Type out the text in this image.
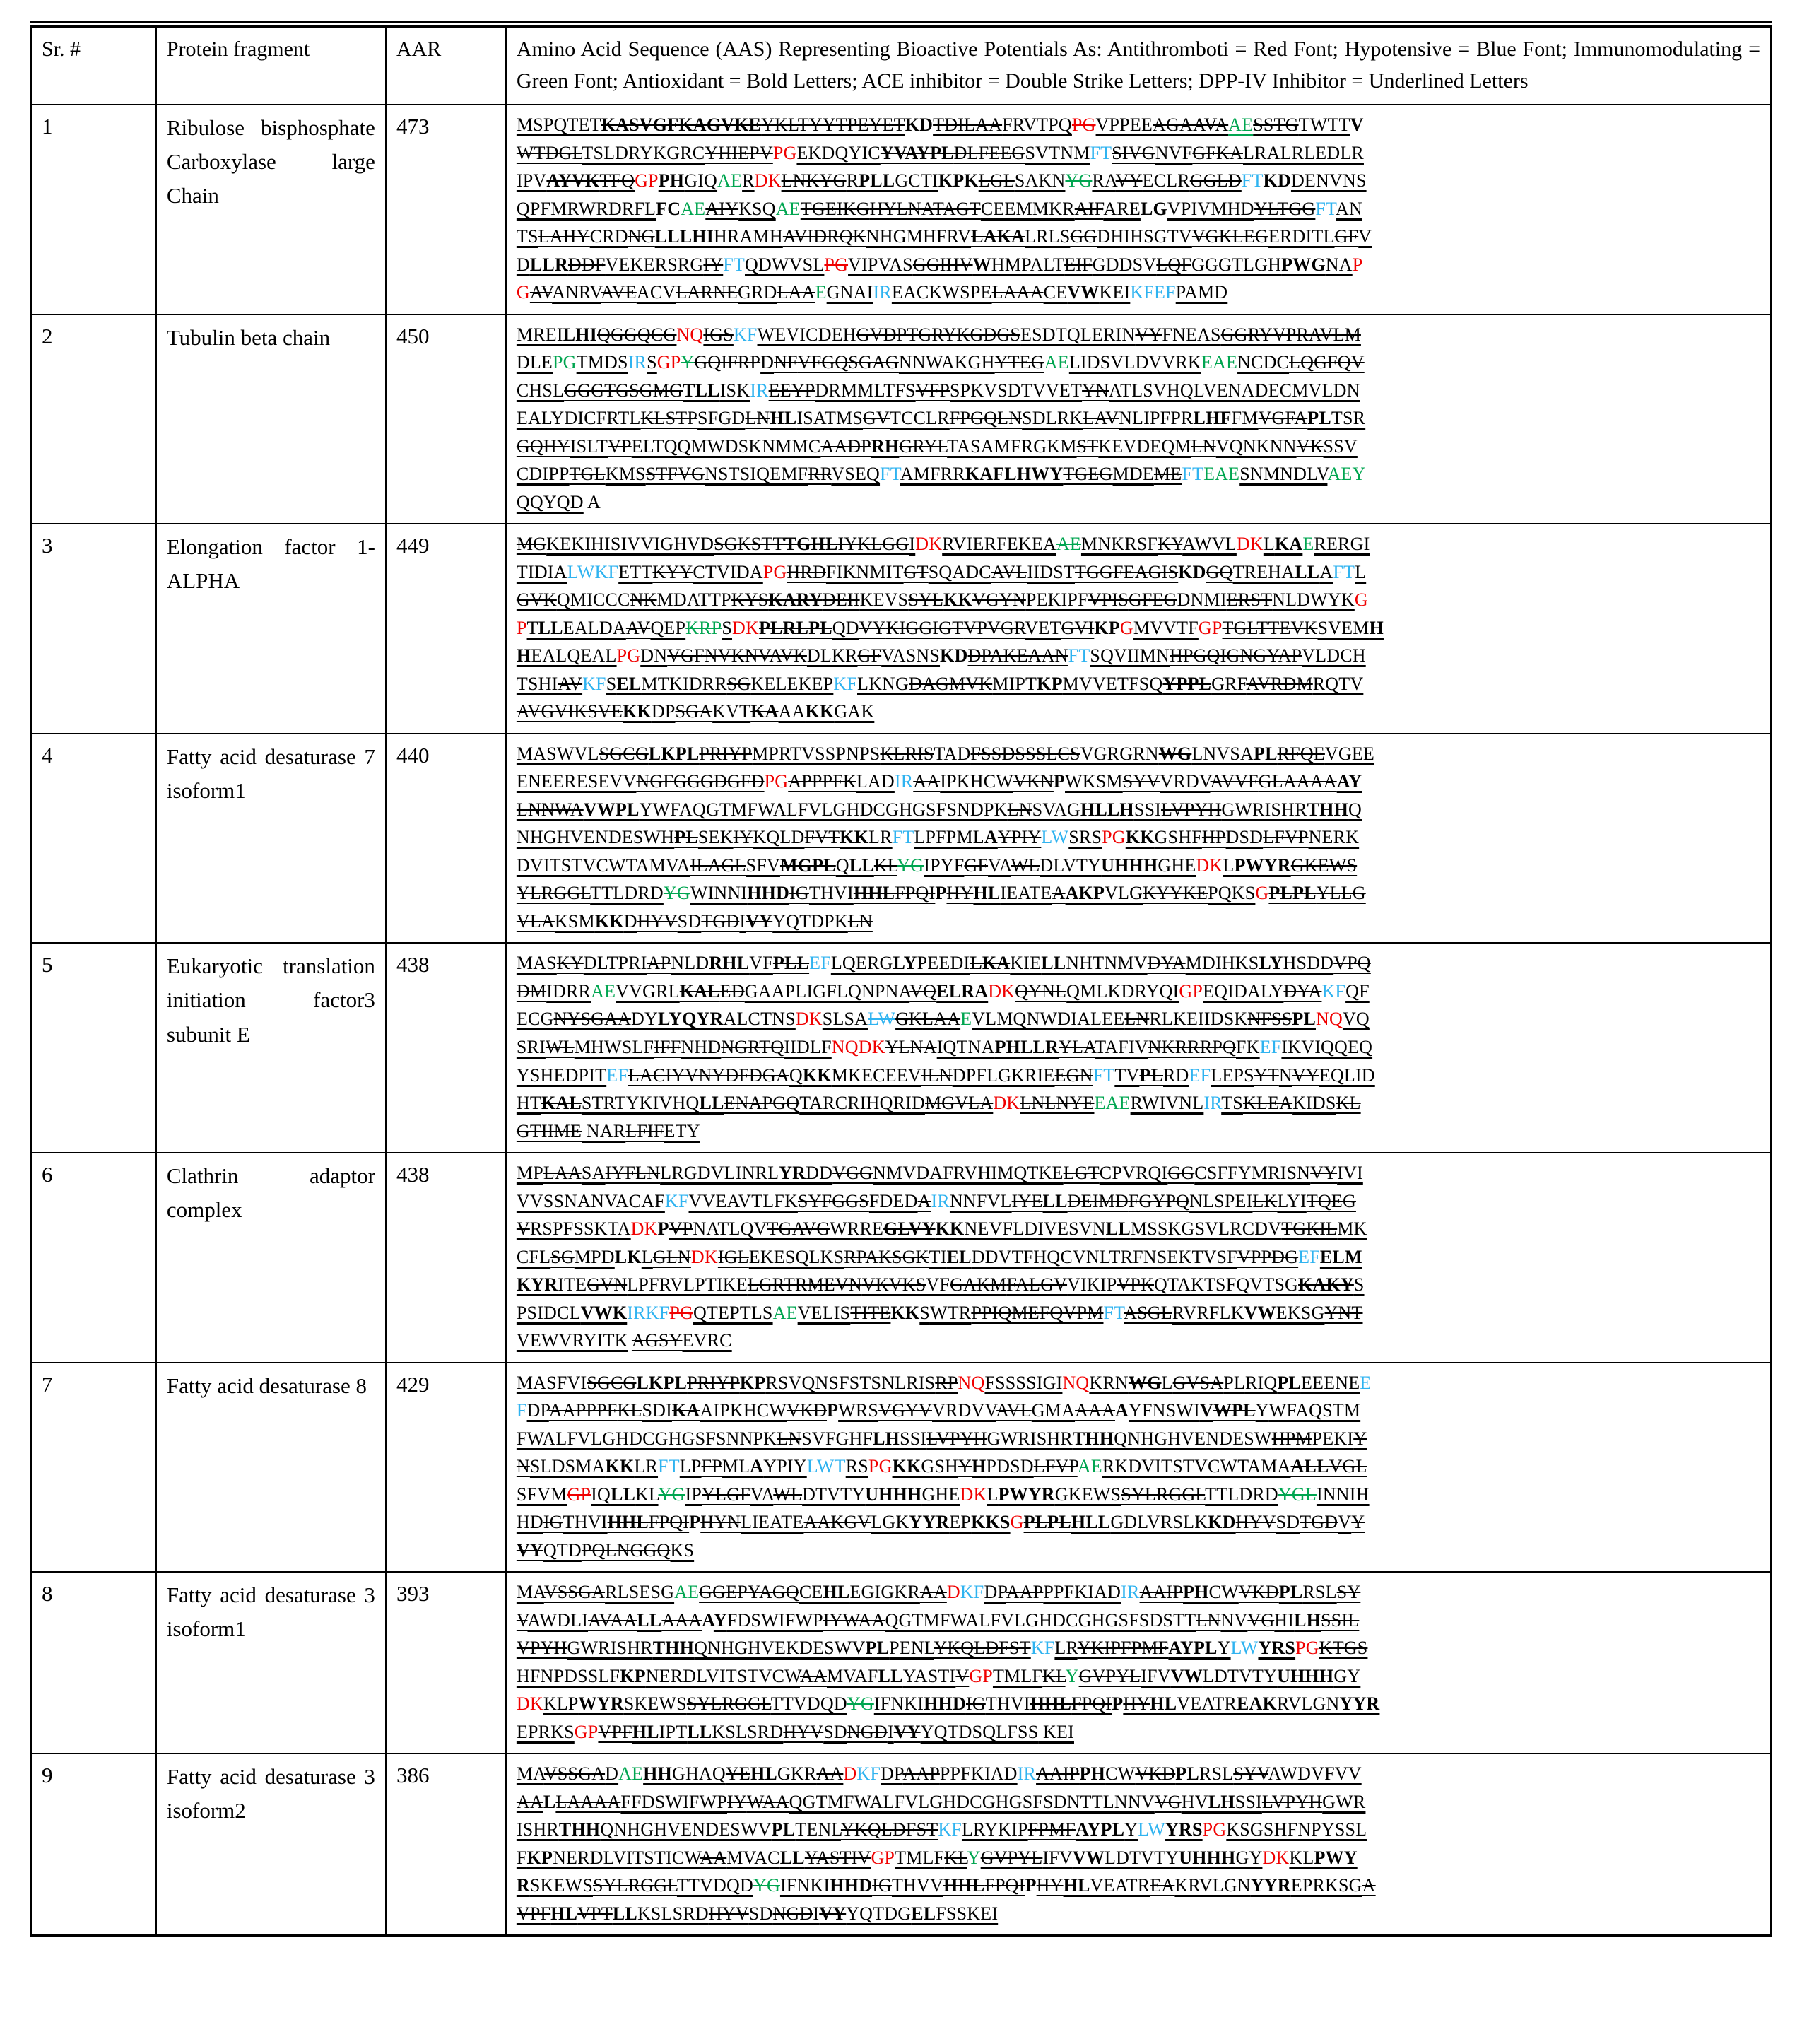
Sr. #	Protein fragment	AAR	Amino Acid Sequence (AAS) Representing Bioactive Potentials As: Antithromboti = Red Font; Hypotensive = Blue Font; Immunomodulating = Green Font; Antioxidant = Bold Letters; ACE inhibitor = Double Strike Letters; DPP-IV Inhibitor = Underlined Letters
1	Ribulose bisphosphate Carboxylase large Chain	473	MSPQTETKASVGFKAGVKEYKLTYYTPEYETKDTDILAAFRVTPQPGVPPEEAGAAVAAESSTGTWTTV
WTDGLTSLDRYKGRCYHIEPVPGEKDQYICYVAYPLDLFEEGSVTNMFTSIVGNVFGFKALRALRLEDLR
IPVAYVKTFQGPPHGIQAERDKLNKYGRPLLGCTIKPKLGLSAKNYGRAVYECLRGGLDFTKDDENVNS
QPFMRWRDRFLFCAEAIYKSQAETGEIKGHYLNATAGTCEEMMKRAIFARELGVPIVMHDYLTGGFTAN
TSLAHYCRDNGLLLHIHRAMHAVIDRQKNHGMHFRVLAKALRLSGGDHIHSGTVVGKLEGERDITLGFV
DLLRDDFVEKERSRGIYFTQDWVSLPGVIPVASGGIHVWHMPALTEIFGDDSVLQFGGGTLGHPWGNAP
GAVANRVAVEACVLARNEGRDLAAEGNAIIREACKWSPELAAACEVWKEIKFEFPAMD

2	Tubulin beta chain	450	MREILHIQGGQCGNQIGSKFWEVICDEHGVDPTGRYKGDGSESDTQLERINVYFNEASGGRYVPRAVLM
DLEPGTMDSIRSGPYGQIFRPDNFVFGQSGAGNNWAKGHYTEGAELIDSVLDVVRKEAENCDCLQGFQV
CHSLGGGTGSGMGTLLISKIREEYPDRMMLTFSVFPSPKVSDTVVETYNATLSVHQLVENADECMVLDN
EALYDICFRTLKLSTPSFGDLNHLISATMSGVTCCLRFPGQLNSDLRKLAVNLIPFPRLHFFMVGFAPLTSR
GQHYISLTVPELTQQMWDSKNMMCAADPRHGRYLTASAMFRGKMSTKEVDEQMLNVQNKNNVKSSV
CDIPPTGLKMSSTFVGNSTSIQEMFRRVSEQFTAMFRRKAFLHWYTGEGMDEMEFTEAESNMNDLVAEY
QQYQD A

3	Elongation factor 1-ALPHA	449	MGKEKIHISIVVIGHVDSGKSTTTGHLIYKLGGIDKRVIERFEKEAAEMNKRSFKYAWVLDKLKAERERGI
TIDIALWKFETTKYYCTVIDAPGHRDFIKNMITGTSQADCAVLIIDSTTGGFEAGISKDGQTREHALLAFTL
GVKQMICCCNKMDATTPKYSKARYDEIIKEVSSYLKKVGYNPEKIPFVPISGFEGDNMIERSTNLDWYKG
PTLLEALDAAVQEPKRPSDKPLRLPLQDVYKIGGIGTVPVGRVETGVIKPGMVVTFGPTGLTTEVKSVEMH
HEALQEALPGDNVGFNVKNVAVKDLKRGFVASNSKDDPAKEAANFTSQVIIMNHPGQIGNGYAPVLDCH
TSHIAVKFSELMTKIDRRSGKELEKEPKFLKNGDAGMVKMIPTKPMVVETFSQYPPLGRFAVRDMRQTV
AVGVIKSVEKKDPSGAKVTKAAAKKGAK

4	Fatty acid desaturase 7 isoform1	440	MASWVLSGCGLKPLPRIYPMPRTVSSPNPSKLRISTADFSSDSSSLCSVGRGRNWGLNVSAPLRFQEVGEE
ENEERESEVVNGFGGGDGFDPGAPPPFKLADIRAAIPKHCWVKNPWKSMSYVVRDVAVVFGLAAAAAY
LNNWAVWPLYWFAQGTMFWALFVLGHDCGHGSFSNDPKLNSVAGHLLHSSILVPYHGWRISHRTHHQ
NHGHVENDESWHPLSEKIYKQLDFVTKKLRFTLPFPMLAYPIYLWSRSPGKKGSHFHPDSDLFVPNERK
DVITSTVCWTAMVAILAGLSFVMGPLQLLKLYGIPYFGFVAWLDLVTYUHHHGHEDKLPWYRGKEWS
YLRGGLTTLDRDYGWINNIHHDIGTHVIHHLFPQIPHYHLIEATEAAKPVLGKYYKEPQKSGPLPLYLLG
VLAKSMKKDHYVSDTGDIVYYQTDPKLN

5	Eukaryotic translation initiation factor3 subunit E	438	MASKYDLTPRIAPNLDRHLVFPLLEFLQERGLYPEEDILKAKIELLNHTNMVDYAMDIHKSLYHSDDVPQ
DMIDRRAEVVGRLKALEDGAAPLIGFLQNPNAVQELRADKQYNLQMLKDRYQIGPEQIDALYDYAKFQF
ECGNYSGAADYLYQYRALCTNSDKSLSALWGKLAAEVLMQNWDIALEELNRLKEIIDSKNFSSPLNQVQ
SRIWLMHWSLFIFFNHDNGRTQIIDLFNQDKYLNAIQTNAPHLLRYLATAFIVNKRRRPQFKEFIKVIQQEQ
YSHEDPITEFLACIYVNYDFDGAQKKMKECEEVILNDPFLGKRIEEGNFTTVPLRDEFLEPSYTNVYEQLID
HTKALSTRTYKIVHQLLENAPGQTARCRIHQRIDMGVLADKLNLNYEEAERWIVNLIRTSKLEAKIDSKL
GTIIME NARLFIFETY

6	Clathrin adaptor complex	438	MPLAASAIYFLNLRGDVLINRLYRDDVGGNMVDAFRVHIMQTKELGTCPVRQIGGCSFFYMRISNVYIVI
VVSSNANVACAFKFVVEAVTLFKSYFGGSFDEDAIRNNFVLIYELLDEIMDFGYPQNLSPEILKLYITQEG
VRSPFSSKTADKPVPNATLQVTGAVGWRREGLVYKKNEVFLDIVESVNLLMSSKGSVLRCDVTGKILMK
CFLSGMPDLKLGLNDKIGLEKESQLKSRPAKSGKTIELDDVTFHQCVNLTRFNSEKTVSFVPPDGEFELM
KYRITEGVNLPFRVLPTIKELGRTRMEVNVKVKSVFGAKMFALGVVIKIPVPKQTAKTSFQVTSGKAKYS
PSIDCLVWKIRKFPGQTEPTLSAEVELISTITEKKSWTRPPIQMEFQVPMFTASGLRVRFLKVWEKSGYNT
VEWVRYITK AGSYEVRC

7	Fatty acid desaturase 8	429	MASFVISGCGLKPLPRIYPKPRSVQNSFSTSNLRISRPNQFSSSSIGINQKRNWGLGVSAPLRIQPLEEENEE
FDPAAPPPFKLSDIKAAIPKHCWVKDPWRSVGYVVRDVVAVLGMAAAAAYFNSWIVWPLYWFAQSTM
FWALFVLGHDCGHGSFSNNPKLNSVFGHFLHSSILVPYHGWRISHRTHHQNHGHVENDESWHPMPEKIY
NSLDSMAKKLRFTLPFPMLAYPIYLWTRSPGKKGSHYHPDSDLFVPAERKDVITSTVCWTAMAALLVGL
SFVMGPIQLLKLYGIPYLGFVAWLDTVTYUHHHGHEDKLPWYRGKEWSSYLRGGLTTLDRDYGLINNIH
HDIGTHVIHHLFPQIPHYNLIEATEAAKGVLGKYYREPKKSGPLPLHLLGDLVRSLKKDHYVSDTGDVY
VYQTDPQLNGGQKS

8	Fatty acid desaturase 3 isoform1	393	MAVSSGARLSESGAEGGEPYAGQCEHLEGIGKRAADKFDPAAPPPFKIADIRAAIPPHCWVKDPLRSLSY
VAWDLIAVAALLAAAAYFDSWIFWPIYWAAQGTMFWALFVLGHDCGHGSFSDSTTLNNVVGHILHSSIL
VPYHGWRISHRTHHQNHGHVEKDESWVPLPENLYKQLDFSTKFLRYKIPFPMFAYPLYLWYRSPGKTGS
HFNPDSSLFKPNERDLVITSTVCWAAMVAFLLYASTIVGPTMLFKLYGVPYLIFVVWLDTVTYUHHHGY
DKKLPWYRSKEWSSYLRGGLTTVDQDYGIFNKIHHDIGTHVIHHLFPQIPHYHLVEATREAKRVLGNYYR
EPRKSGPVPFHLIPTLLKSLSRDHYVSDNGDIVYYQTDSQLFSS KEI

9	Fatty acid desaturase 3 isoform2	386	MAVSSGADAEHHGHAQYEHLGKRAADKFDPAAPPPFKIADIRAAIPPHCWVKDPLRSLSYVAWDVFVV
AALLAAAAFFDSWIFWPIYWAAQGTMFWALFVLGHDCGHGSFSDNTTLNNVVGHVLHSSILVPYHGWR
ISHRTHHQNHGHVENDESWVPLTENLYKQLDFSTKFLRYKIPFPMFAYPLYLWYRSPGKSGSHFNPYSSL
FKPNERDLVITSTICWAAMVACLLYASTIVGPTMLFKLYGVPYLIFVVWLDTVTYUHHHGYDKKLPWY
RSKEWSSYLRGGLTTVDQDYGIFNKIHHDIGTHVVHHLFPQIPHYHLVEATREAKRVLGNYYREPRKSGA
VPFHLVPTLLKSLSRDHYVSDNGDIVYYQTDGELFSSKEI
